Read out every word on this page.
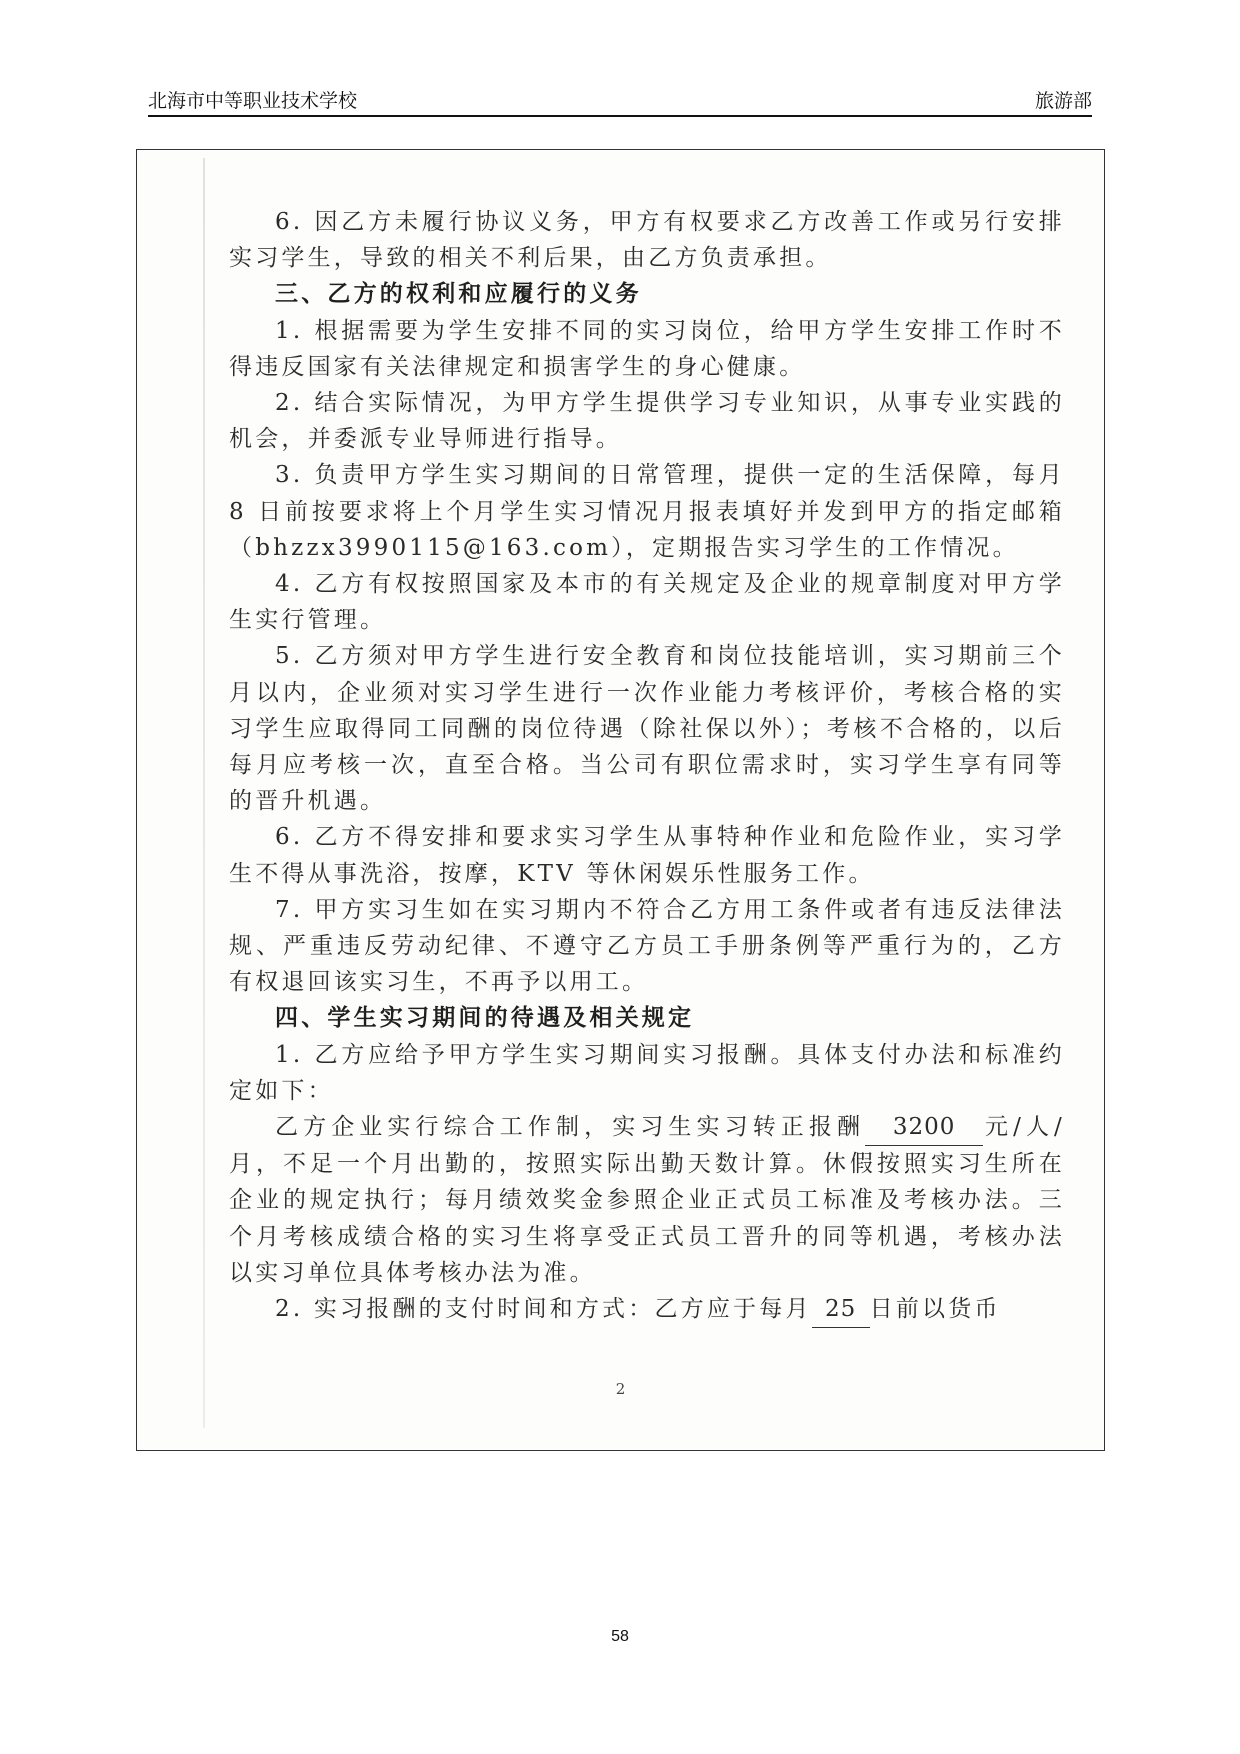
北海市中等职业技术学校	旅游部

6. 因乙方未履行协议义务，甲方有权要求乙方改善工作或另行安排实习学生，导致的相关不利后果，由乙方负责承担。

三、乙方的权利和应履行的义务

1. 根据需要为学生安排不同的实习岗位，给甲方学生安排工作时不得违反国家有关法律规定和损害学生的身心健康。

2. 结合实际情况，为甲方学生提供学习专业知识，从事专业实践的机会，并委派专业导师进行指导。

3. 负责甲方学生实习期间的日常管理，提供一定的生活保障，每月 8 日前按要求将上个月学生实习情况月报表填好并发到甲方的指定邮箱（bhzzx3990115@163.com），定期报告实习学生的工作情况。

4. 乙方有权按照国家及本市的有关规定及企业的规章制度对甲方学生实行管理。

5. 乙方须对甲方学生进行安全教育和岗位技能培训，实习期前三个月以内，企业须对实习学生进行一次作业能力考核评价，考核合格的实习学生应取得同工同酬的岗位待遇（除社保以外）；考核不合格的，以后每月应考核一次，直至合格。当公司有职位需求时，实习学生享有同等的晋升机遇。

6. 乙方不得安排和要求实习学生从事特种作业和危险作业，实习学生不得从事洗浴，按摩，KTV 等休闲娱乐性服务工作。

7. 甲方实习生如在实习期内不符合乙方用工条件或者有违反法律法规、严重违反劳动纪律、不遵守乙方员工手册条例等严重行为的，乙方有权退回该实习生，不再予以用工。

四、学生实习期间的待遇及相关规定

1. 乙方应给予甲方学生实习期间实习报酬。具体支付办法和标准约定如下：

乙方企业实行综合工作制，实习生实习转正报酬 3200 元/人/月，不足一个月出勤的，按照实际出勤天数计算。休假按照实习生所在企业的规定执行；每月绩效奖金参照企业正式员工标准及考核办法。三个月考核成绩合格的实习生将享受正式员工晋升的同等机遇，考核办法以实习单位具体考核办法为准。

2. 实习报酬的支付时间和方式：乙方应于每月 25 日前以货币

2
58
